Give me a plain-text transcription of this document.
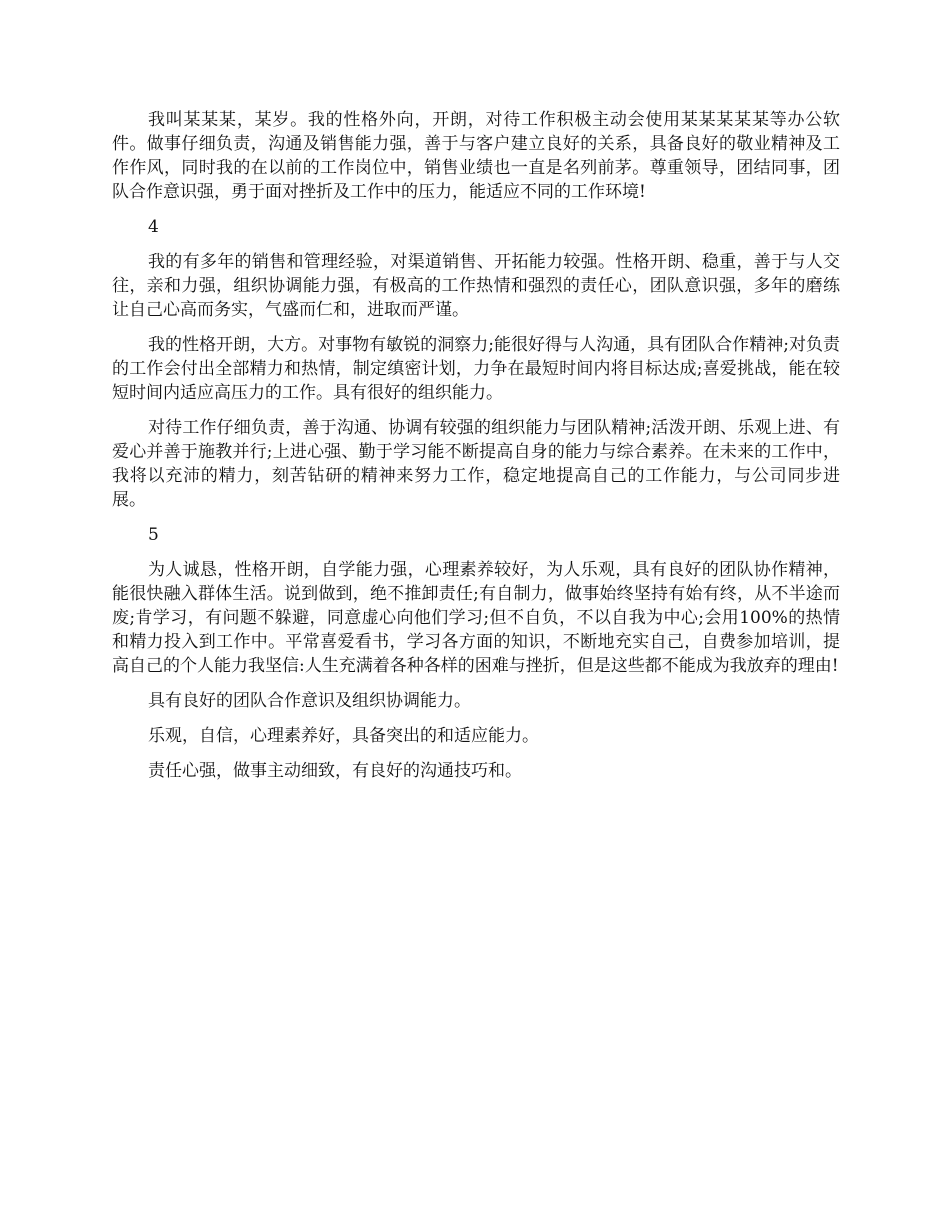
我叫某某某，某岁。我的性格外向，开朗，对待工作积极主动会使用某某某某某等办公软件。做事仔细负责，沟通及销售能力强，善于与客户建立良好的关系，具备良好的敬业精神及工作作风，同时我的在以前的工作岗位中，销售业绩也一直是名列前茅。尊重领导，团结同事，团队合作意识强，勇于面对挫折及工作中的压力，能适应不同的工作环境!

4

我的有多年的销售和管理经验，对渠道销售、开拓能力较强。性格开朗、稳重，善于与人交往，亲和力强，组织协调能力强，有极高的工作热情和强烈的责任心，团队意识强，多年的磨练让自己心高而务实，气盛而仁和，进取而严谨。

我的性格开朗，大方。对事物有敏锐的洞察力;能很好得与人沟通，具有团队合作精神;对负责的工作会付出全部精力和热情，制定缜密计划，力争在最短时间内将目标达成;喜爱挑战，能在较短时间内适应高压力的工作。具有很好的组织能力。

对待工作仔细负责，善于沟通、协调有较强的组织能力与团队精神;活泼开朗、乐观上进、有爱心并善于施教并行;上进心强、勤于学习能不断提高自身的能力与综合素养。在未来的工作中，我将以充沛的精力，刻苦钻研的精神来努力工作，稳定地提高自己的工作能力，与公司同步进展。

5

为人诚恳，性格开朗，自学能力强，心理素养较好，为人乐观，具有良好的团队协作精神，能很快融入群体生活。说到做到，绝不推卸责任;有自制力，做事始终坚持有始有终，从不半途而废;肯学习，有问题不躲避，同意虚心向他们学习;但不自负，不以自我为中心;会用100%的热情和精力投入到工作中。平常喜爱看书，学习各方面的知识，不断地充实自己，自费参加培训，提高自己的个人能力我坚信:人生充满着各种各样的困难与挫折，但是这些都不能成为我放弃的理由!

具有良好的团队合作意识及组织协调能力。

乐观，自信，心理素养好，具备突出的和适应能力。

责任心强，做事主动细致，有良好的沟通技巧和。
